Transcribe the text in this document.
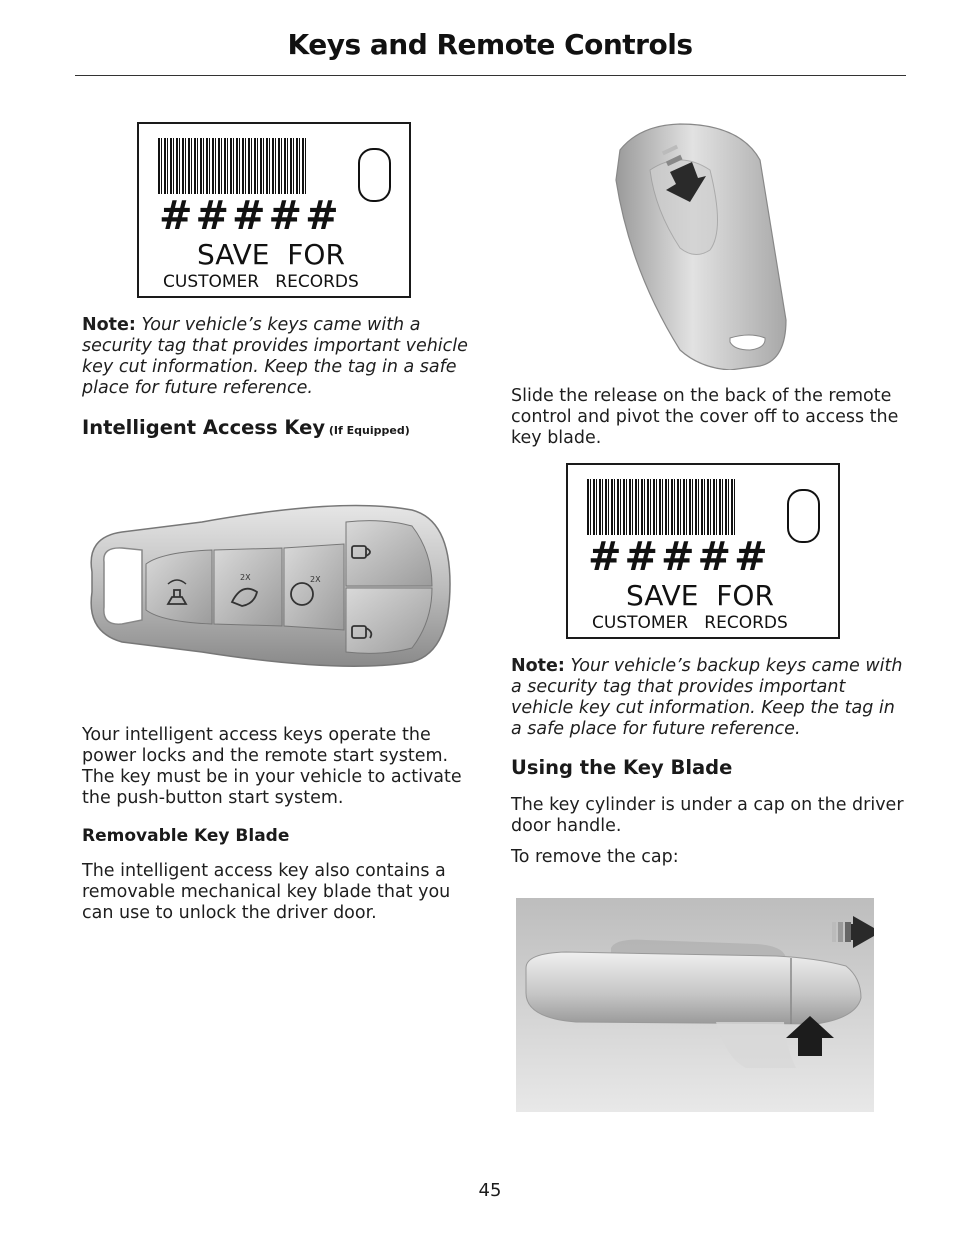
Keys and Remote Controls
#####
SAVE  FOR
CUSTOMER   RECORDS
Note: Your vehicle’s keys came with a security tag that provides important vehicle key cut information. Keep the tag in a safe place for future reference.
Intelligent Access Key (If Equipped)
2X
2X
Your intelligent access keys operate the power locks and the remote start system. The key must be in your vehicle to activate the push-button start system.
Removable Key Blade
The intelligent access key also contains a removable mechanical key blade that you can use to unlock the driver door.
Slide the release on the back of the remote control and pivot the cover off to access the key blade.
#####
SAVE  FOR
CUSTOMER   RECORDS
Note: Your vehicle’s backup keys came with a security tag that provides important vehicle key cut information. Keep the tag in a safe place for future reference.
Using the Key Blade
The key cylinder is under a cap on the driver door handle.
To remove the cap:
45
